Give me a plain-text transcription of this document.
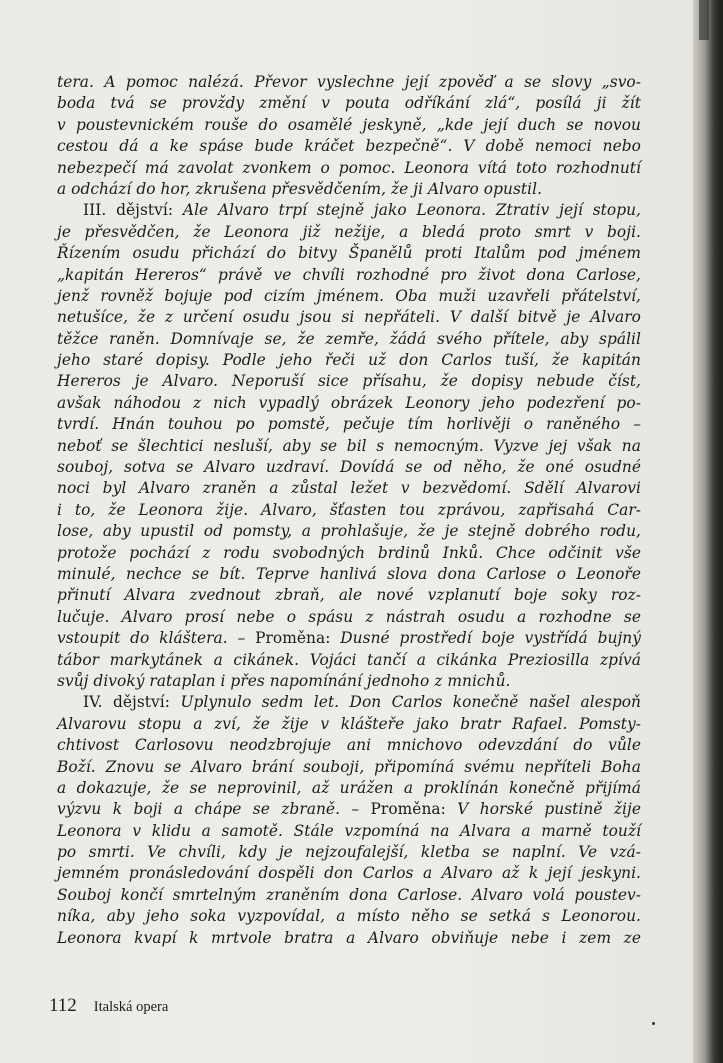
tera. A pomoc nalézá. Převor vyslechne její zpověď a se slovy „svo-
boda tvá se provždy změní v pouta odříkání zlá“, posílá ji žít
v poustevnickém rouše do osamělé jeskyně, „kde její duch se novou
cestou dá a ke spáse bude kráčet bezpečně“. V době nemoci nebo
nebezpečí má zavolat zvonkem o pomoc. Leonora vítá toto rozhodnutí
a odchází do hor, zkrušena přesvědčením, že ji Alvaro opustil.
III. dějství: Ale Alvaro trpí stejně jako Leonora. Ztrativ její stopu,
je přesvědčen, že Leonora již nežije, a bledá proto smrt v boji.
Řízením osudu přichází do bitvy Španělů proti Italům pod jménem
„kapitán Hereros“ právě ve chvíli rozhodné pro život dona Carlose,
jenž rovněž bojuje pod cizím jménem. Oba muži uzavřeli přátelství,
netušíce, že z určení osudu jsou si nepřáteli. V další bitvě je Alvaro
těžce raněn. Domnívaje se, že zemře, žádá svého přítele, aby spálil
jeho staré dopisy. Podle jeho řeči už don Carlos tuší, že kapitán
Hereros je Alvaro. Neporuší sice přísahu, že dopisy nebude číst,
avšak náhodou z nich vypadlý obrázek Leonory jeho podezření po-
tvrdí. Hnán touhou po pomstě, pečuje tím horlivěji o raněného –
neboť se šlechtici nesluší, aby se bil s nemocným. Vyzve jej však na
souboj, sotva se Alvaro uzdraví. Dovídá se od něho, že oné osudné
noci byl Alvaro zraněn a zůstal ležet v bezvědomí. Sdělí Alvarovi
i to, že Leonora žije. Alvaro, šťasten tou zprávou, zapřisahá Car-
lose, aby upustil od pomsty, a prohlašuje, že je stejně dobrého rodu,
protože pochází z rodu svobodných brdinů Inků. Chce odčinit vše
minulé, nechce se bít. Teprve hanlivá slova dona Carlose o Leonoře
přinutí Alvara zvednout zbraň, ale nové vzplanutí boje soky roz-
lučuje. Alvaro prosí nebe o spásu z nástrah osudu a rozhodne se
vstoupit do kláštera. – Proměna: Dusné prostředí boje vystřídá bujný
tábor markytánek a cikánek. Vojáci tančí a cikánka Preziosilla zpívá
svůj divoký rataplan i přes napomínání jednoho z mnichů.
IV. dějství: Uplynulo sedm let. Don Carlos konečně našel alespoň
Alvarovu stopu a zví, že žije v klášteře jako bratr Rafael. Pomsty-
chtivost Carlosovu neodzbrojuje ani mnichovo odevzdání do vůle
Boží. Znovu se Alvaro brání souboji, připomíná svému nepříteli Boha
a dokazuje, že se neprovinil, až urážen a proklínán konečně přijímá
výzvu k boji a chápe se zbraně. – Proměna: V horské pustině žije
Leonora v klidu a samotě. Stále vzpomíná na Alvara a marně touží
po smrti. Ve chvíli, kdy je nejzoufalejší, kletba se naplní. Ve vzá-
jemném pronásledování dospěli don Carlos a Alvaro až k její jeskyni.
Souboj končí smrtelným zraněním dona Carlose. Alvaro volá poustev-
níka, aby jeho soka vyzpovídal, a místo něho se setká s Leonorou.
Leonora kvapí k mrtvole bratra a Alvaro obviňuje nebe i zem ze
112 Italská opera
